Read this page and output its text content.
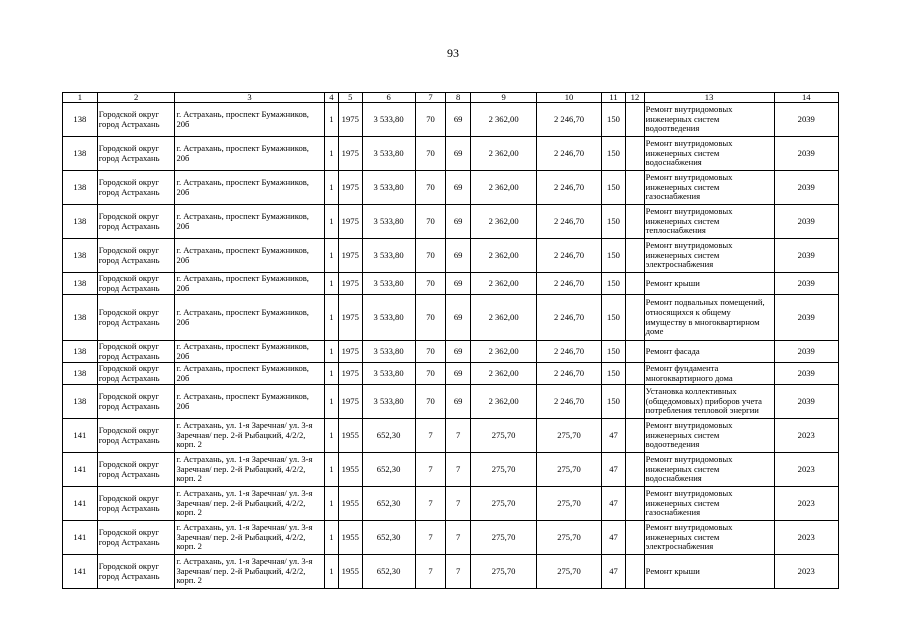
93
1	2	3	4	5	6	7	8	9	10	11	12	13	14
138	Городской округ город Астрахань	г. Астрахань, проспект Бумажников, 20б	1	1975	3 533,80	70	69	2 362,00	2 246,70	150		Ремонт внутридомовых инженерных систем водоотведения	2039
138	Городской округ город Астрахань	г. Астрахань, проспект Бумажников, 20б	1	1975	3 533,80	70	69	2 362,00	2 246,70	150		Ремонт внутридомовых инженерных систем водоснабжения	2039
138	Городской округ город Астрахань	г. Астрахань, проспект Бумажников, 20б	1	1975	3 533,80	70	69	2 362,00	2 246,70	150		Ремонт внутридомовых инженерных систем газоснабжения	2039
138	Городской округ город Астрахань	г. Астрахань, проспект Бумажников, 20б	1	1975	3 533,80	70	69	2 362,00	2 246,70	150		Ремонт внутридомовых инженерных систем теплоснабжения	2039
138	Городской округ город Астрахань	г. Астрахань, проспект Бумажников, 20б	1	1975	3 533,80	70	69	2 362,00	2 246,70	150		Ремонт внутридомовых инженерных систем электроснабжения	2039
138	Городской округ город Астрахань	г. Астрахань, проспект Бумажников, 20б	1	1975	3 533,80	70	69	2 362,00	2 246,70	150		Ремонт крыши	2039
138	Городской округ город Астрахань	г. Астрахань, проспект Бумажников, 20б	1	1975	3 533,80	70	69	2 362,00	2 246,70	150		Ремонт подвальных помещений, относящихся к общему имуществу в многоквартирном доме	2039
138	Городской округ город Астрахань	г. Астрахань, проспект Бумажников, 20б	1	1975	3 533,80	70	69	2 362,00	2 246,70	150		Ремонт фасада	2039
138	Городской округ город Астрахань	г. Астрахань, проспект Бумажников, 20б	1	1975	3 533,80	70	69	2 362,00	2 246,70	150		Ремонт фундамента многоквартирного дома	2039
138	Городской округ город Астрахань	г. Астрахань, проспект Бумажников, 20б	1	1975	3 533,80	70	69	2 362,00	2 246,70	150		Установка коллективных (общедомовых) приборов учета потребления тепловой энергии	2039
141	Городской округ город Астрахань	г. Астрахань, ул. 1-я Заречная/ ул. 3-я Заречная/ пер. 2-й Рыбацкий, 4/2/2, корп. 2	1	1955	652,30	7	7	275,70	275,70	47		Ремонт внутридомовых инженерных систем водоотведения	2023
141	Городской округ город Астрахань	г. Астрахань, ул. 1-я Заречная/ ул. 3-я Заречная/ пер. 2-й Рыбацкий, 4/2/2, корп. 2	1	1955	652,30	7	7	275,70	275,70	47		Ремонт внутридомовых инженерных систем водоснабжения	2023
141	Городской округ город Астрахань	г. Астрахань, ул. 1-я Заречная/ ул. 3-я Заречная/ пер. 2-й Рыбацкий, 4/2/2, корп. 2	1	1955	652,30	7	7	275,70	275,70	47		Ремонт внутридомовых инженерных систем газоснабжения	2023
141	Городской округ город Астрахань	г. Астрахань, ул. 1-я Заречная/ ул. 3-я Заречная/ пер. 2-й Рыбацкий, 4/2/2, корп. 2	1	1955	652,30	7	7	275,70	275,70	47		Ремонт внутридомовых инженерных систем электроснабжения	2023
141	Городской округ город Астрахань	г. Астрахань, ул. 1-я Заречная/ ул. 3-я Заречная/ пер. 2-й Рыбацкий, 4/2/2, корп. 2	1	1955	652,30	7	7	275,70	275,70	47		Ремонт крыши	2023
